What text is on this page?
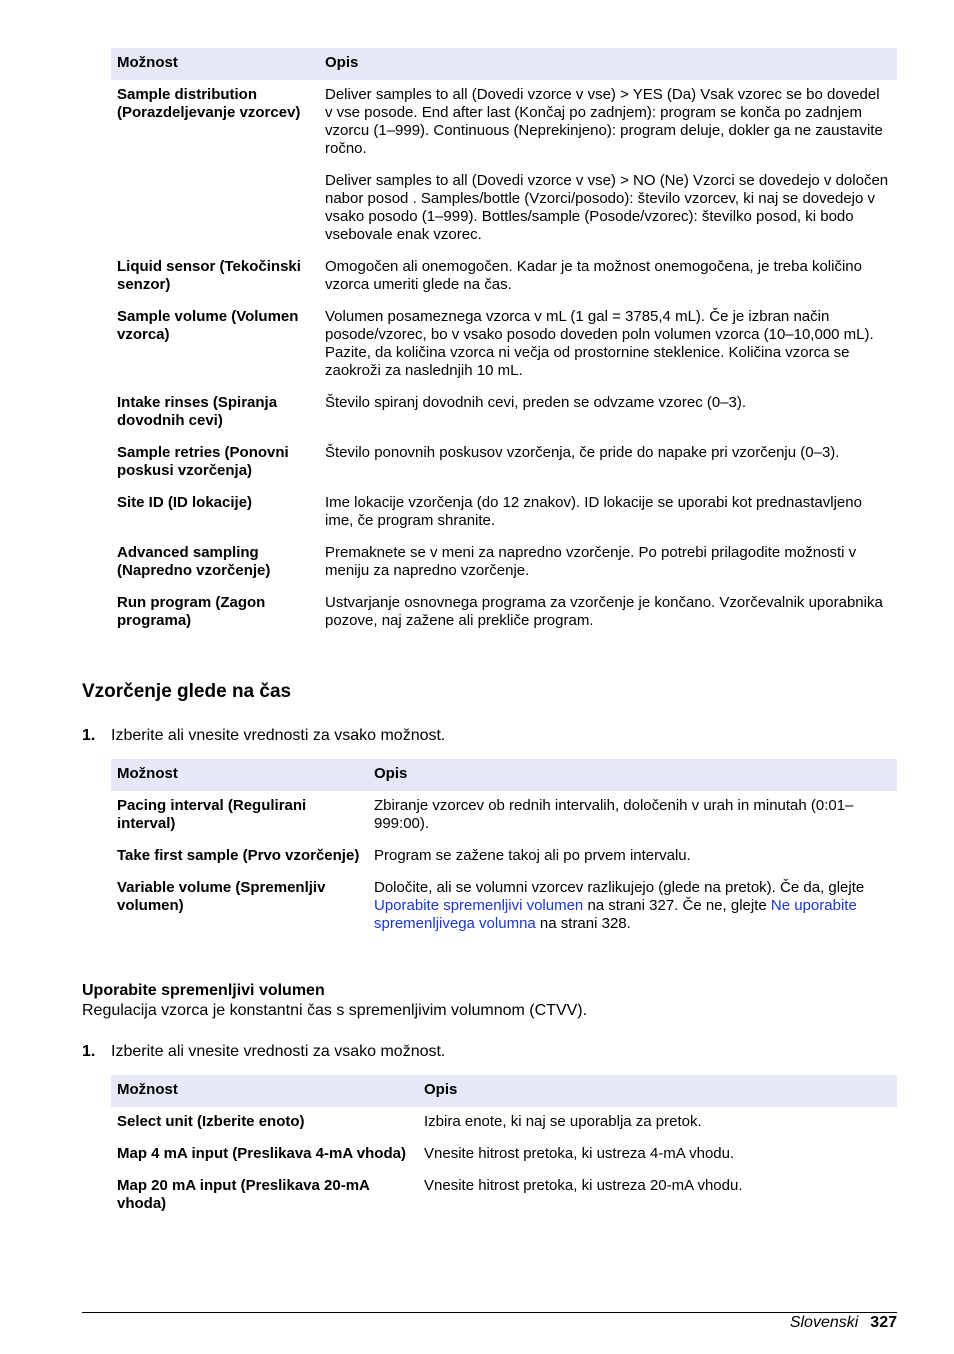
Možnost	Opis
Sample distribution (Porazdeljevanje vzorcev)	Deliver samples to all (Dovedi vzorce v vse) > YES (Da) Vsak vzorec se bo dovedel v vse posode. End after last (Končaj po zadnjem): program se konča po zadnjem vzorcu (1–999). Continuous (Neprekinjeno): program deluje, dokler ga ne zaustavite ročno.

Deliver samples to all (Dovedi vzorce v vse) > NO (Ne) Vzorci se dovedejo v določen nabor posod . Samples/bottle (Vzorci/posodo): število vzorcev, ki naj se dovedejo v vsako posodo (1–999). Bottles/sample (Posode/vzorec): številko posod, ki bodo vsebovale enak vzorec.

Liquid sensor (Tekočinski senzor)	Omogočen ali onemogočen. Kadar je ta možnost onemogočena, je treba količino vzorca umeriti glede na čas.
Sample volume (Volumen vzorca)	Volumen posameznega vzorca v mL (1 gal = 3785,4 mL). Če je izbran način posode/vzorec, bo v vsako posodo doveden poln volumen vzorca (10–10,000 mL). Pazite, da količina vzorca ni večja od prostornine steklenice. Količina vzorca se zaokroži za naslednjih 10 mL.
Intake rinses (Spiranja dovodnih cevi)	Število spiranj dovodnih cevi, preden se odvzame vzorec (0–3).
Sample retries (Ponovni poskusi vzorčenja)	Število ponovnih poskusov vzorčenja, če pride do napake pri vzorčenju (0–3).
Site ID (ID lokacije)	Ime lokacije vzorčenja (do 12 znakov). ID lokacije se uporabi kot prednastavljeno ime, če program shranite.
Advanced sampling (Napredno vzorčenje)	Premaknete se v meni za napredno vzorčenje. Po potrebi prilagodite možnosti v meniju za napredno vzorčenje.
Run program (Zagon programa)	Ustvarjanje osnovnega programa za vzorčenje je končano. Vzorčevalnik uporabnika pozove, naj zažene ali prekliče program.
Vzorčenje glede na čas
1. Izberite ali vnesite vrednosti za vsako možnost.
Možnost	Opis
Pacing interval (Regulirani interval)	Zbiranje vzorcev ob rednih intervalih, določenih v urah in minutah (0:01–999:00).
Take first sample (Prvo vzorčenje)	Program se zažene takoj ali po prvem intervalu.
Variable volume (Spremenljiv volumen)	Določite, ali se volumni vzorcev razlikujejo (glede na pretok). Če da, glejte Uporabite spremenljivi volumen na strani 327. Če ne, glejte Ne uporabite spremenljivega volumna na strani 328.
Uporabite spremenljivi volumen
Regulacija vzorca je konstantni čas s spremenljivim volumnom (CTVV).
1. Izberite ali vnesite vrednosti za vsako možnost.
Možnost	Opis
Select unit (Izberite enoto)	Izbira enote, ki naj se uporablja za pretok.
Map 4 mA input (Preslikava 4-mA vhoda)	Vnesite hitrost pretoka, ki ustreza 4-mA vhodu.
Map 20 mA input (Preslikava 20-mA vhoda)	Vnesite hitrost pretoka, ki ustreza 20-mA vhodu.
Slovenski 327
